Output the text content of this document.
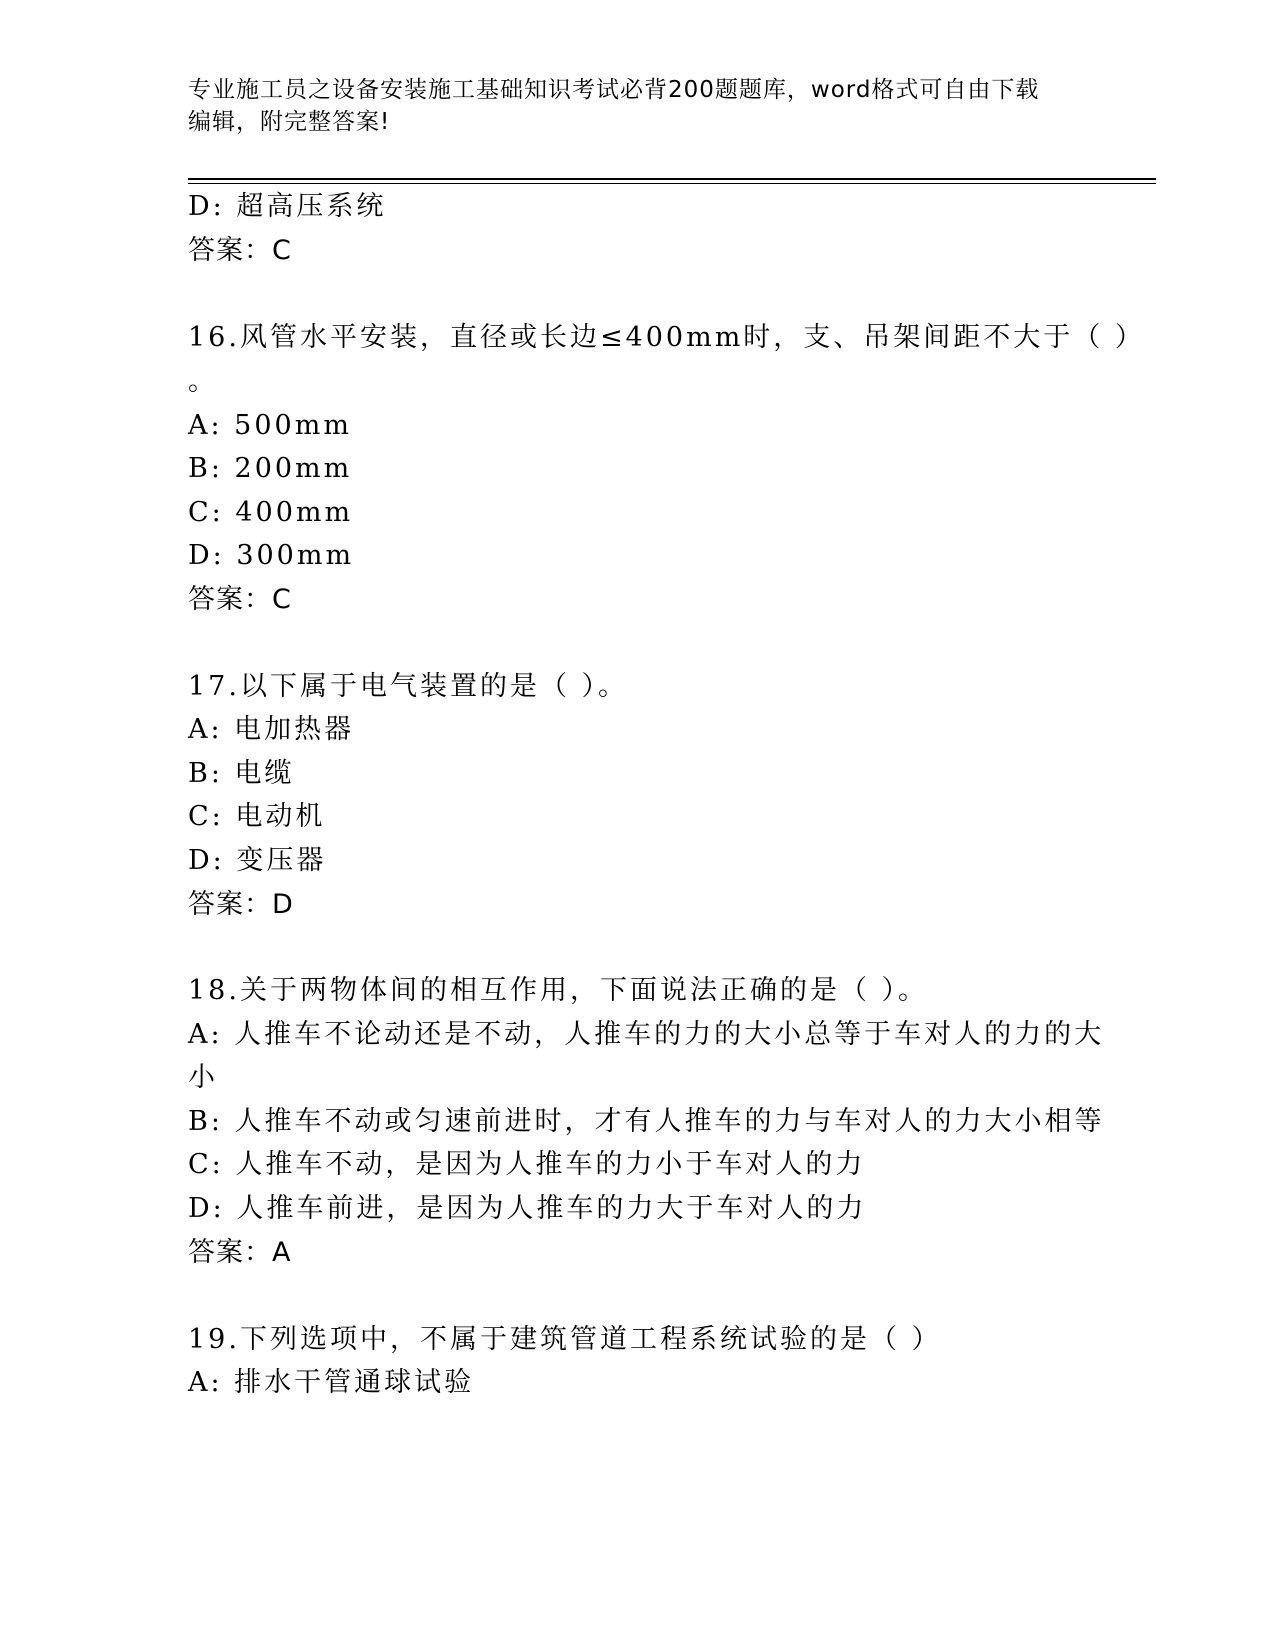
专业施工员之设备安装施工基础知识考试必背200题题库，word格式可自由下载
编辑，附完整答案!
D: 超高压系统
答案：C
16.风管水平安装，直径或长边≤400mm时，支、吊架间距不大于（ ）
。
A: 500mm
B: 200mm
C: 400mm
D: 300mm
答案：C
17.以下属于电气装置的是（ ）。
A: 电加热器
B: 电缆
C: 电动机
D: 变压器
答案：D
18.关于两物体间的相互作用，下面说法正确的是（ ）。
A: 人推车不论动还是不动，人推车的力的大小总等于车对人的力的大
小
B: 人推车不动或匀速前进时，才有人推车的力与车对人的力大小相等
C: 人推车不动，是因为人推车的力小于车对人的力
D: 人推车前进，是因为人推车的力大于车对人的力
答案：A
19.下列选项中，不属于建筑管道工程系统试验的是（ ）
A: 排水干管通球试验
